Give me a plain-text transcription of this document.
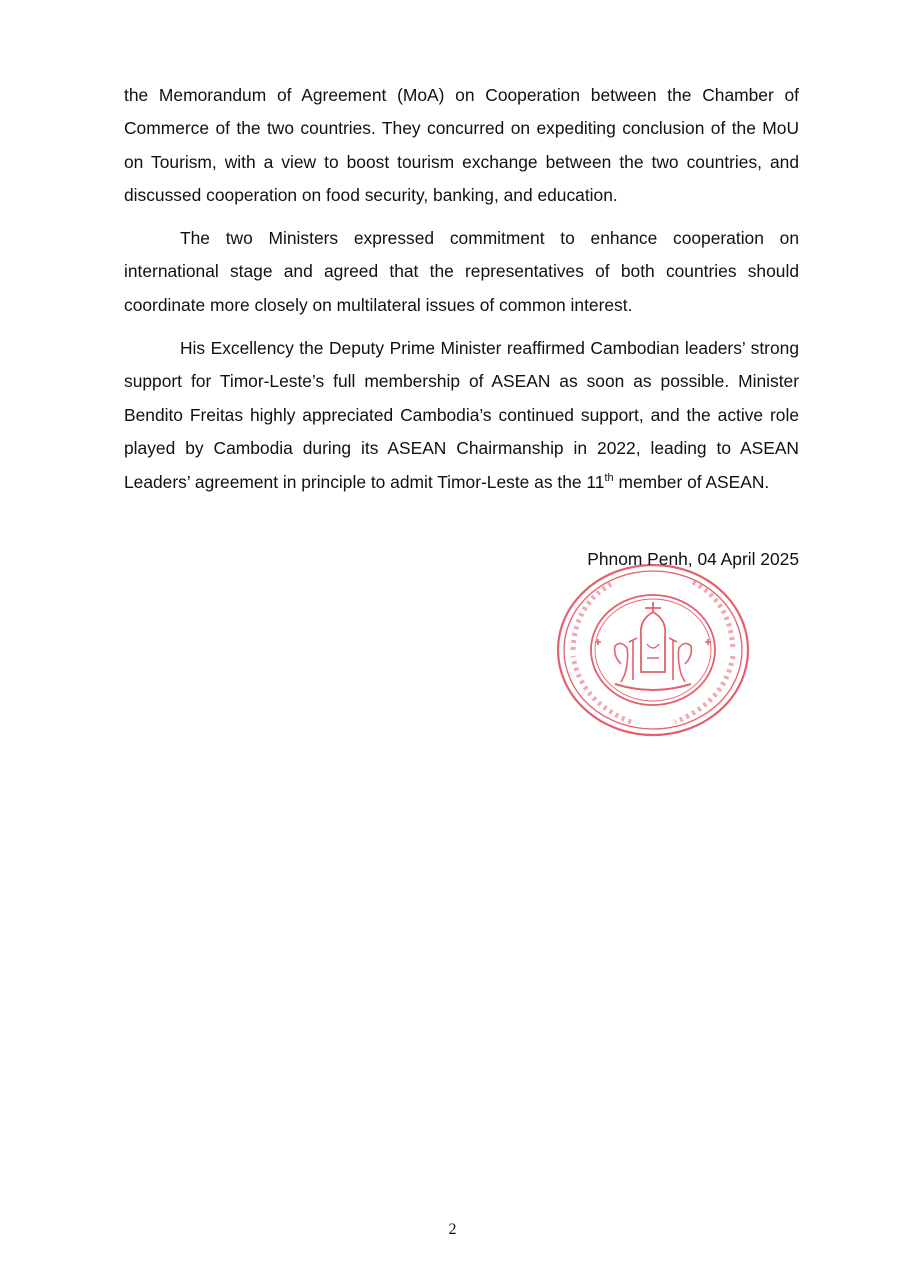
the Memorandum of Agreement (MoA) on Cooperation between the Chamber of Commerce of the two countries. They concurred on expediting conclusion of the MoU on Tourism, with a view to boost tourism exchange between the two countries, and discussed cooperation on food security, banking, and education.

The two Ministers expressed commitment to enhance cooperation on international stage and agreed that the representatives of both countries should coordinate more closely on multilateral issues of common interest.

His Excellency the Deputy Prime Minister reaffirmed Cambodian leaders’ strong support for Timor-Leste’s full membership of ASEAN as soon as possible. Minister Bendito Freitas highly appreciated Cambodia’s continued support, and the active role played by Cambodia during its ASEAN Chairmanship in 2022, leading to ASEAN Leaders’ agreement in principle to admit Timor-Leste as the 11th member of ASEAN.

Phnom Penh, 04 April 2025
2
